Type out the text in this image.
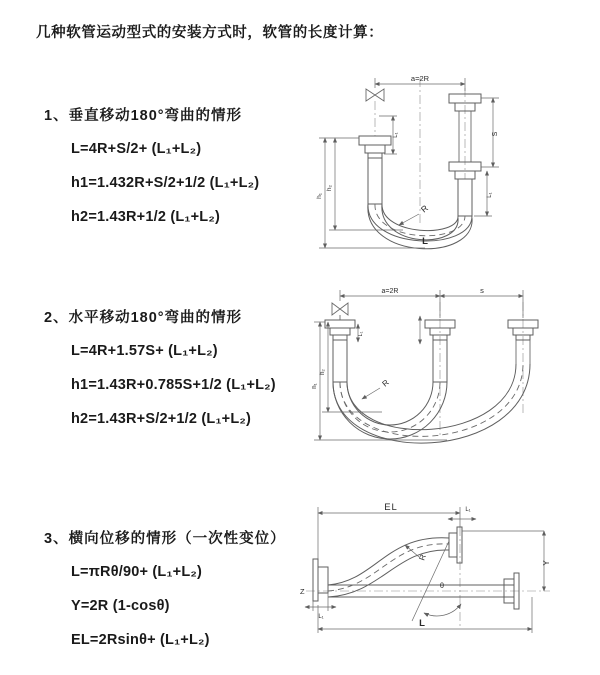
几种软管运动型式的安装方式时，软管的长度计算：
1、垂直移动180°弯曲的情形
L=4R+S/2+ (L₁+L₂)
h1=1.432R+S/2+1/2 (L₁+L₂)
h2=1.43R+1/2 (L₁+L₂)
2、水平移动180°弯曲的情形
L=4R+1.57S+ (L₁+L₂)
h1=1.43R+0.785S+1/2 (L₁+L₂)
h2=1.43R+S/2+1/2 (L₁+L₂)
3、横向位移的情形（一次性变位）
L=πRθ/90+ (L₁+L₂)
Y=2R (1-cosθ)
EL=2Rsinθ+ (L₁+L₂)
a=2R
R
S
L₁
L₁
h₁
h₂
L
a=2R	s
L₁
R
h₁
h₂
EL	L₁
Y
θ
R
L
L₁
Z
